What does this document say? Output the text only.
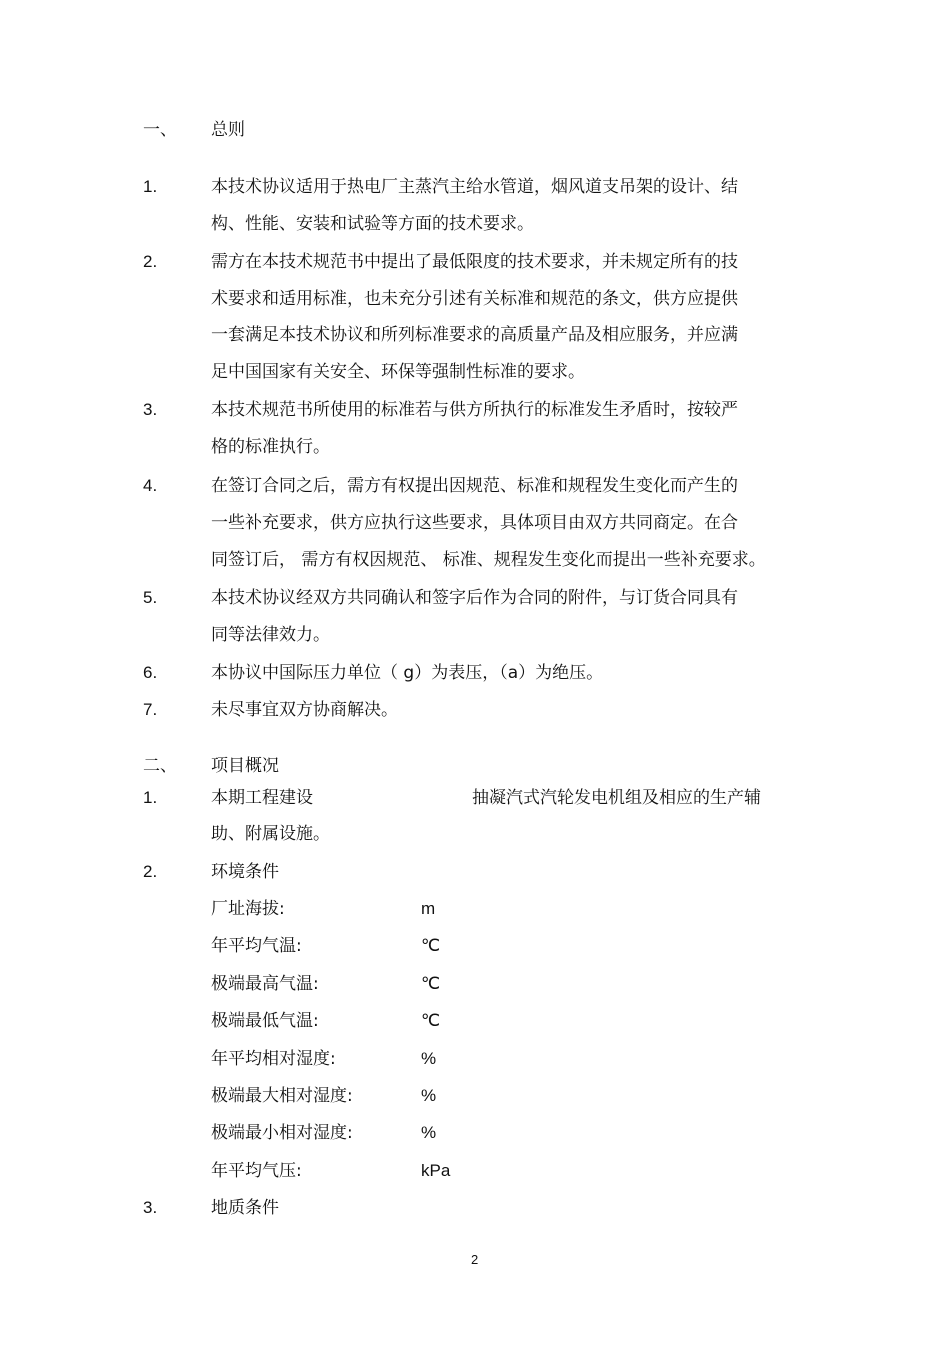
一、 总则
1.	本技术协议适用于热电厂主蒸汽主给水管道，烟风道支吊架的设计、结
构、性能、安装和试验等方面的技术要求。
2.	需方在本技术规范书中提出了最低限度的技术要求，并未规定所有的技
术要求和适用标准，也未充分引述有关标准和规范的条文，供方应提供
一套满足本技术协议和所列标准要求的高质量产品及相应服务，并应满
足中国国家有关安全、环保等强制性标准的要求。
3.	本技术规范书所使用的标准若与供方所执行的标准发生矛盾时，按较严
格的标准执行。
4.	在签订合同之后，需方有权提出因规范、标准和规程发生变化而产生的
一些补充要求，供方应执行这些要求，具体项目由双方共同商定。在合
同签订后， 需方有权因规范、 标准、规程发生变化而提出一些补充要求。
5.	本技术协议经双方共同确认和签字后作为合同的附件，与订货合同具有
同等法律效力。
6.	本协议中国际压力单位（ g）为表压，（a）为绝压。
7.	未尽事宜双方协商解决。
二、 项目概况
1.	本期工程建设	抽凝汽式汽轮发电机组及相应的生产辅
助、附属设施。
2.	环境条件
厂址海拔:	m
年平均气温:	℃
极端最高气温:	℃
极端最低气温:	℃
年平均相对湿度:	%
极端最大相对湿度:	%
极端最小相对湿度:	%
年平均气压:	kPa
3.	地质条件
2
